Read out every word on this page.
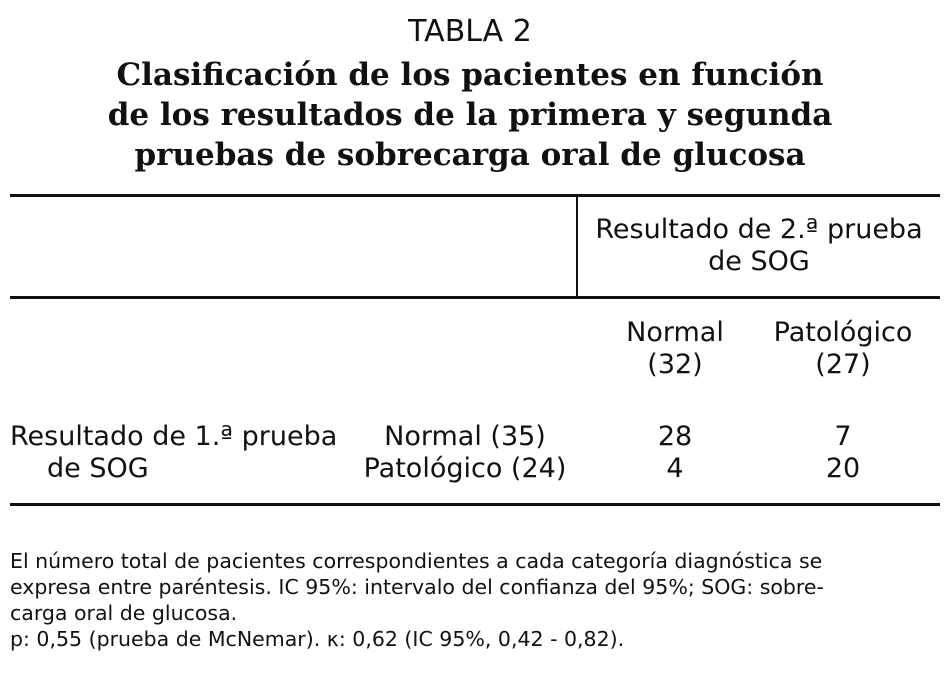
TABLA 2
Clasificación de los pacientes en función
de los resultados de la primera y segunda
pruebas de sobrecarga oral de glucosa
Resultado de 2.ª prueba
de SOG
Normal
(32)
Patológico
(27)
Resultado de 1.ª prueba
de SOG
Normal (35)
Patológico (24)
28	7
4	20
El número total de pacientes correspondientes a cada categoría diagnóstica se
expresa entre paréntesis. IC 95%: intervalo del confianza del 95%; SOG: sobre-
carga oral de glucosa.
p: 0,55 (prueba de McNemar). κ: 0,62 (IC 95%, 0,42 - 0,82).
